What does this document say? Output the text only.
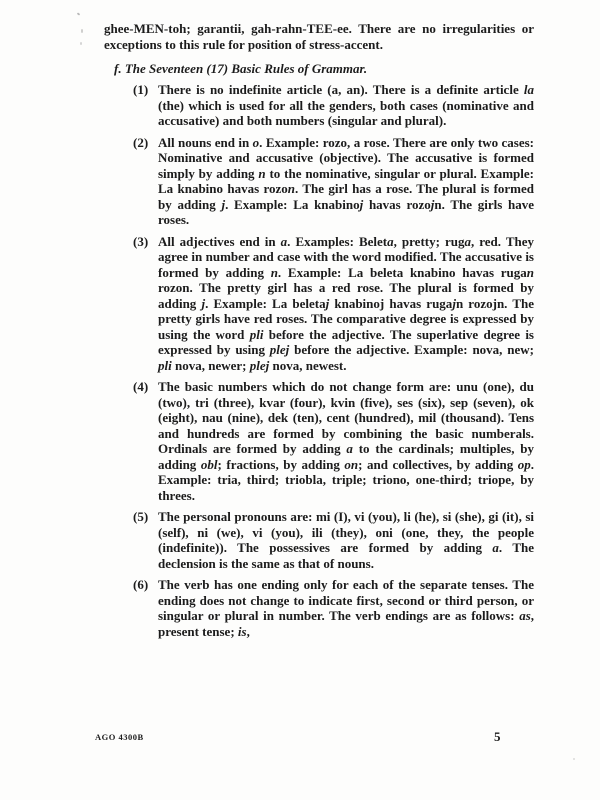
ghee-MEN-toh; garantii, gah-rahn-TEE-ee. There are no irregularities or exceptions to this rule for position of stress-accent.
f. The Seventeen (17) Basic Rules of Grammar.
(1) There is no indefinite article (a, an). There is a definite article la (the) which is used for all the genders, both cases (nominative and accusative) and both numbers (singular and plural).
(2) All nouns end in o. Example: rozo, a rose. There are only two cases: Nominative and accusative (objective). The accusative is formed simply by adding n to the nominative, singular or plural. Example: La knabino havas rozon. The girl has a rose. The plural is formed by adding j. Example: La knabinoj havas rozojn. The girls have roses.
(3) All adjectives end in a. Examples: Beleta, pretty; ruga, red. They agree in number and case with the word modified. The accusative is formed by adding n. Example: La beleta knabino havas rugan rozon. The pretty girl has a red rose. The plural is formed by adding j. Example: La beletaj knabinoj havas rugajn rozojn. The pretty girls have red roses. The comparative degree is expressed by using the word pli before the adjective. The superlative degree is expressed by using plej before the adjective. Example: nova, new; pli nova, newer; plej nova, newest.
(4) The basic numbers which do not change form are: unu (one), du (two), tri (three), kvar (four), kvin (five), ses (six), sep (seven), ok (eight), nau (nine), dek (ten), cent (hundred), mil (thousand). Tens and hundreds are formed by combining the basic numberals. Ordinals are formed by adding a to the cardinals; multiples, by adding obl; fractions, by adding on; and collectives, by adding op. Example: tria, third; triobla, triple; triono, one-third; triope, by threes.
(5) The personal pronouns are: mi (I), vi (you), li (he), si (she), gi (it), si (self), ni (we), vi (you), ili (they), oni (one, they, the people (indefinite)). The possessives are formed by adding a. The declension is the same as that of nouns.
(6) The verb has one ending only for each of the separate tenses. The ending does not change to indicate first, second or third person, or singular or plural in number. The verb endings are as follows: as, present tense; is,
AGO 4300B	5
